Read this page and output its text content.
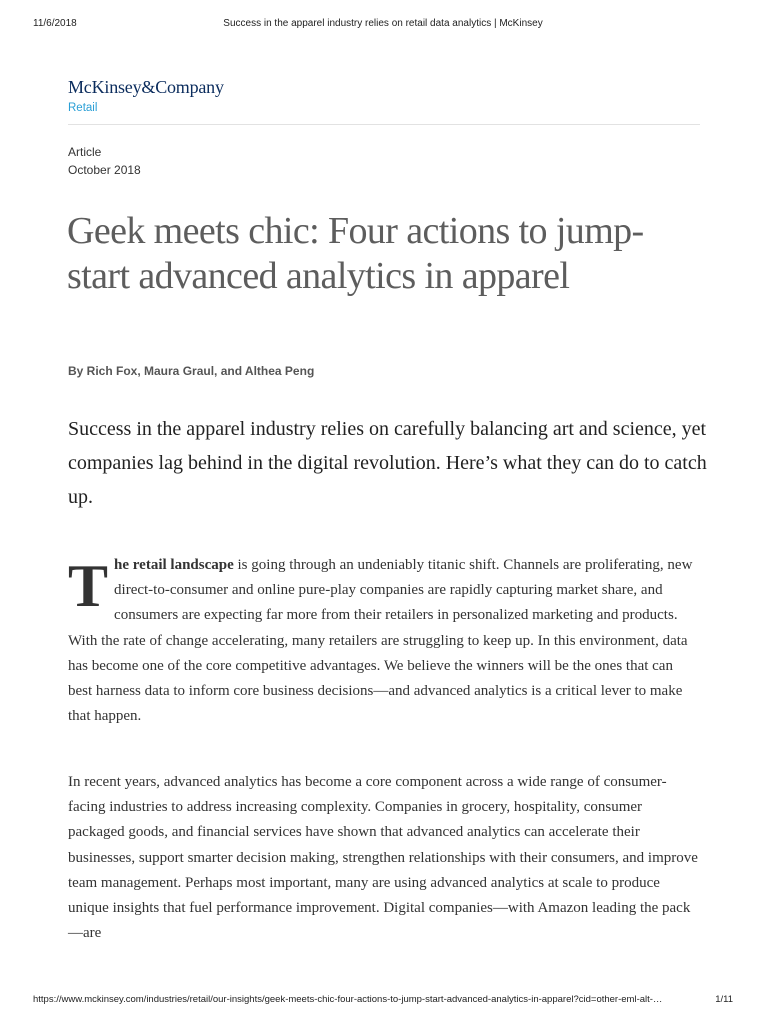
11/6/2018	Success in the apparel industry relies on retail data analytics | McKinsey
McKinsey&Company
Retail
Article
October 2018
Geek meets chic: Four actions to jump-start advanced analytics in apparel
By Rich Fox, Maura Graul, and Althea Peng

Success in the apparel industry relies on carefully balancing art and science, yet companies lag behind in the digital revolution. Here’s what they can do to catch up.

The retail landscape is going through an undeniably titanic shift. Channels are proliferating, new direct-to-consumer and online pure-play companies are rapidly capturing market share, and consumers are expecting far more from their retailers in personalized marketing and products. With the rate of change accelerating, many retailers are struggling to keep up. In this environment, data has become one of the core competitive advantages. We believe the winners will be the ones that can best harness data to inform core business decisions—and advanced analytics is a critical lever to make that happen.

In recent years, advanced analytics has become a core component across a wide range of consumer-facing industries to address increasing complexity. Companies in grocery, hospitality, consumer packaged goods, and financial services have shown that advanced analytics can accelerate their businesses, support smarter decision making, strengthen relationships with their consumers, and improve team management. Perhaps most important, many are using advanced analytics at scale to produce unique insights that fuel performance improvement. Digital companies—with Amazon leading the pack—are

https://www.mckinsey.com/industries/retail/our-insights/geek-meets-chic-four-actions-to-jump-start-advanced-analytics-in-apparel?cid=other-eml-alt-…	1/11
